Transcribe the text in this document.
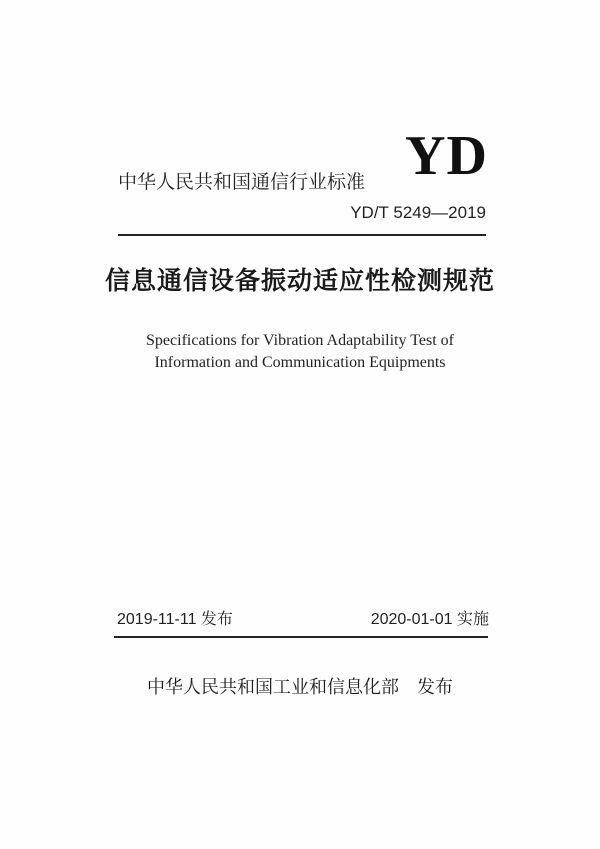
YD
中华人民共和国通信行业标准
YD/T 5249—2019
信息通信设备振动适应性检测规范
Specifications for Vibration Adaptability Test of
Information and Communication Equipments
2019-11-11 发布	2020-01-01 实施
中华人民共和国工业和信息化部 发布
